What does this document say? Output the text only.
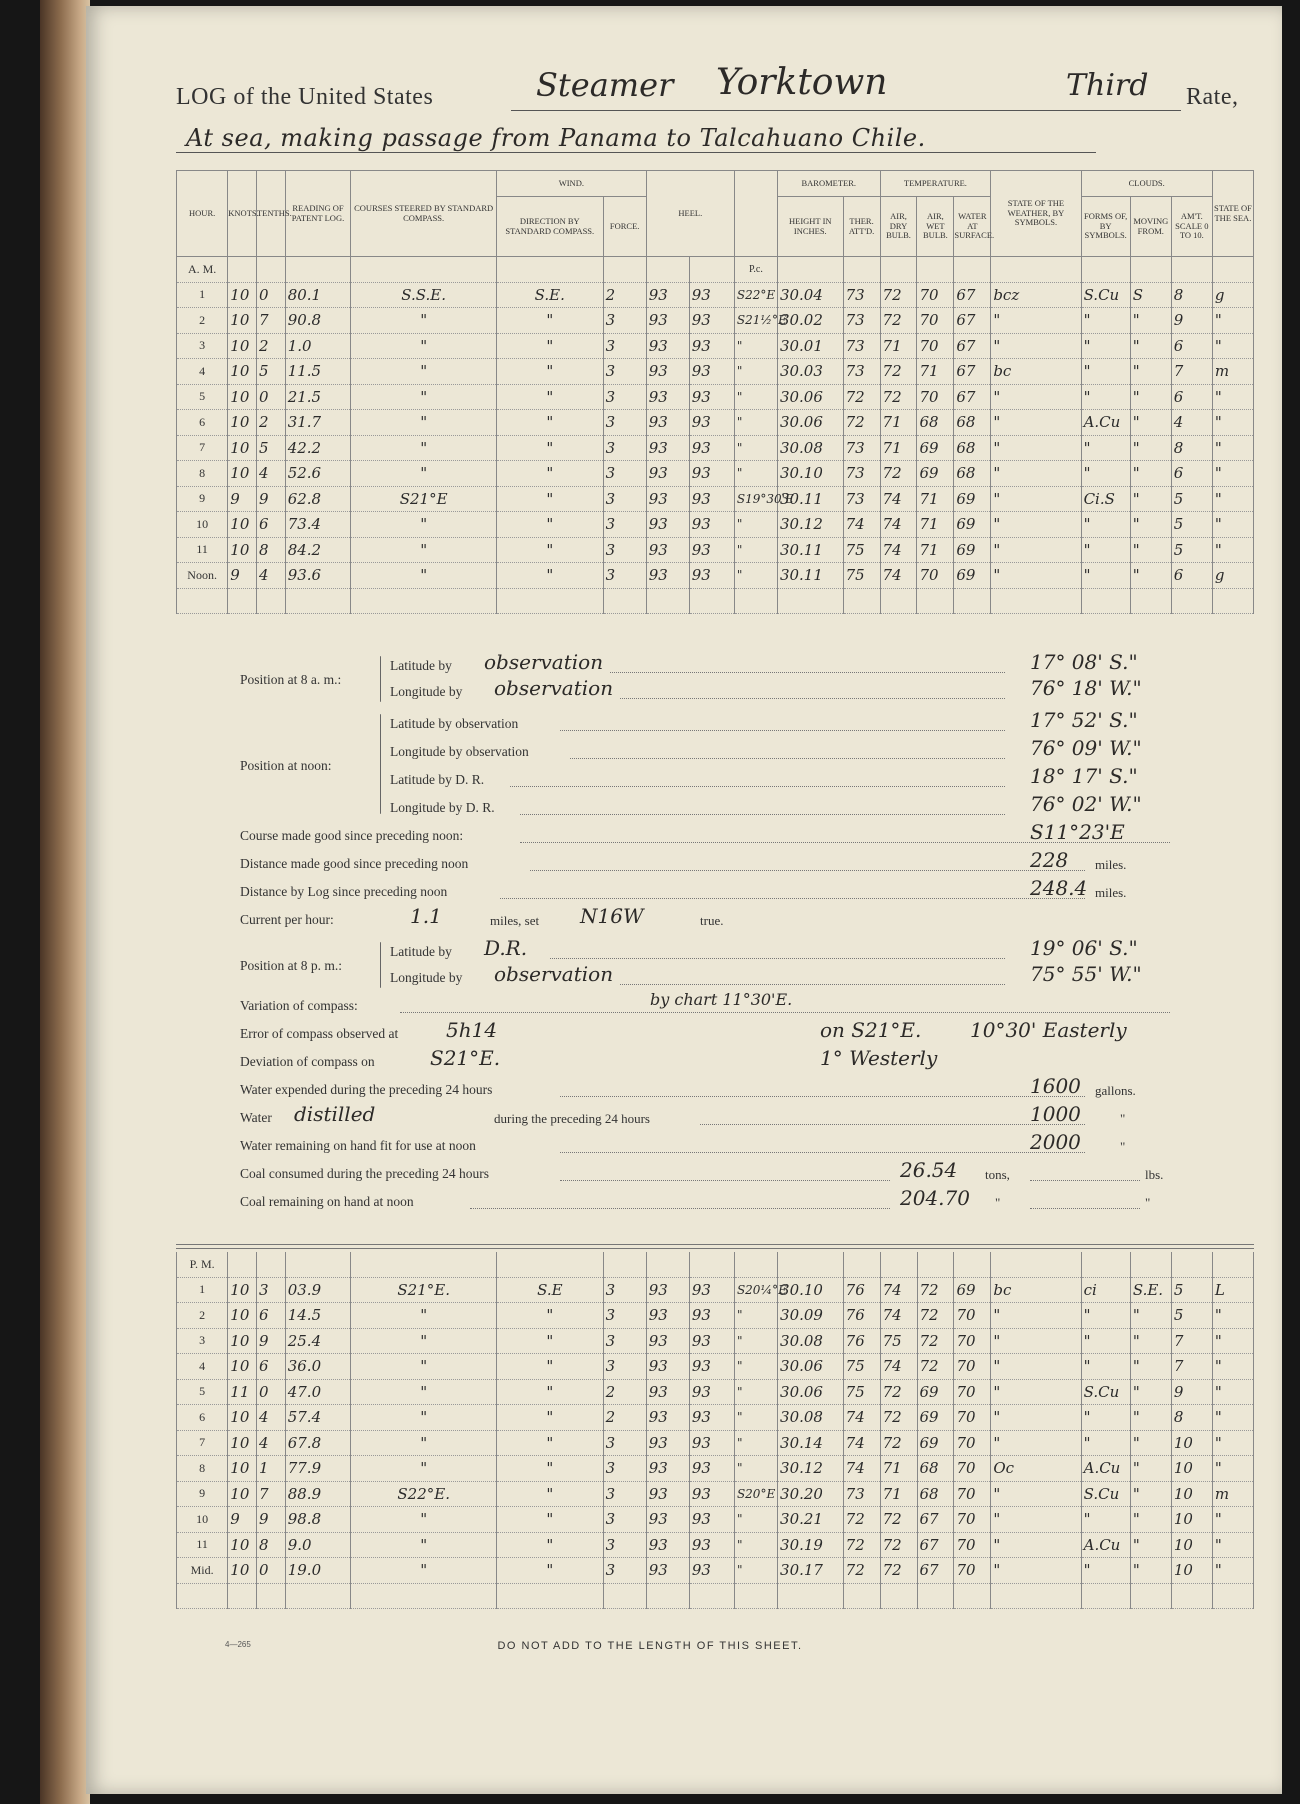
LOG of the United States	Steamer Yorktown	Third Rate,
At sea, making passage from Panama to Talcahuano Chile.
HOUR.	KNOTS.	TENTHS.	READING OF PATENT LOG.	COURSES STEERED BY STANDARD COMPASS.	WIND.		HEEL.			BAROMETER.		TEMPERATURE.			STATE OF THE WEATHER, BY SYMBOLS.	CLOUDS.			STATE OF THE SEA.
					DIRECTION BY STANDARD COMPASS.	FORCE.				HEIGHT IN INCHES.	THER. ATT'D.	AIR, DRY BULB.	AIR, WET BULB.	WATER AT SURFACE.		FORMS OF, BY SYMBOLS.	MOVING FROM.	AM'T. SCALE 0 TO 10.	
A. M.									P.c.										
1	10	0	80.1	S.S.E.	S.E.	2	93	93	S22°E	30.04	73	72	70	67	bcz	S.Cu	S	8	g
2	10	7	90.8	"	"	3	93	93	S21½°E	30.02	73	72	70	67	"	"	"	9	"
3	10	2	1.0	"	"	3	93	93	"	30.01	73	71	70	67	"	"	"	6	"
4	10	5	11.5	"	"	3	93	93	"	30.03	73	72	71	67	bc	"	"	7	m
5	10	0	21.5	"	"	3	93	93	"	30.06	72	72	70	67	"	"	"	6	"
6	10	2	31.7	"	"	3	93	93	"	30.06	72	71	68	68	"	A.Cu	"	4	"
7	10	5	42.2	"	"	3	93	93	"	30.08	73	71	69	68	"	"	"	8	"
8	10	4	52.6	"	"	3	93	93	"	30.10	73	72	69	68	"	"	"	6	"
9	9	9	62.8	S21°E	"	3	93	93	S19°30'E	30.11	73	74	71	69	"	Ci.S	"	5	"
10	10	6	73.4	"	"	3	93	93	"	30.12	74	74	71	69	"	"	"	5	"
11	10	8	84.2	"	"	3	93	93	"	30.11	75	74	71	69	"	"	"	5	"
Noon.	9	4	93.6	"	"	3	93	93	"	30.11	75	74	70	69	"	"	"	6	g

Position at 8 a. m.:
Latitude by observation	17° 08' S."
Longitude by observation	76° 18' W."
Position at noon:
Latitude by observation	17° 52' S."
Longitude by observation	76° 09' W."
Latitude by D. R.	18° 17' S."
Longitude by D. R.	76° 02' W."
Course made good since preceding noon:	S11°23'E
Distance made good since preceding noon	228 miles.
Distance by Log since preceding noon	248.4 miles.
Current per hour:	1.1	miles, set N16W	true.
Position at 8 p. m.:
Latitude by D.R.	19° 06' S."
Longitude by observation	75° 55' W."
Variation of compass:	by chart 11°30'E.
Error of compass observed at 5h14	on S21°E. 10°30' Easterly
Deviation of compass on	S21°E.	1° Westerly
Water expended during the preceding 24 hours	1600 gallons.
Water distilled	during the preceding 24 hours	1000	"
Water remaining on hand fit for use at noon	2000	"
Coal consumed during the preceding 24 hours	26.54 tons,	lbs.
Coal remaining on hand at noon	204.70 "	"
P. M.																			
1	10	3	03.9	S21°E.	S.E	3	93	93	S20¼°E	30.10	76	74	72	69	bc	ci	S.E.	5	L
2	10	6	14.5	"	"	3	93	93	"	30.09	76	74	72	70	"	"	"	5	"
3	10	9	25.4	"	"	3	93	93	"	30.08	76	75	72	70	"	"	"	7	"
4	10	6	36.0	"	"	3	93	93	"	30.06	75	74	72	70	"	"	"	7	"
5	11	0	47.0	"	"	2	93	93	"	30.06	75	72	69	70	"	S.Cu	"	9	"
6	10	4	57.4	"	"	2	93	93	"	30.08	74	72	69	70	"	"	"	8	"
7	10	4	67.8	"	"	3	93	93	"	30.14	74	72	69	70	"	"	"	10	"
8	10	1	77.9	"	"	3	93	93	"	30.12	74	71	68	70	Oc	A.Cu	"	10	"
9	10	7	88.9	S22°E.	"	3	93	93	S20°E	30.20	73	71	68	70	"	S.Cu	"	10	m
10	9	9	98.8	"	"	3	93	93	"	30.21	72	72	67	70	"	"	"	10	"
11	10	8	9.0	"	"	3	93	93	"	30.19	72	72	67	70	"	A.Cu	"	10	"
Mid.	10	0	19.0	"	"	3	93	93	"	30.17	72	72	67	70	"	"	"	10	"

4—265	DO NOT ADD TO THE LENGTH OF THIS SHEET.
